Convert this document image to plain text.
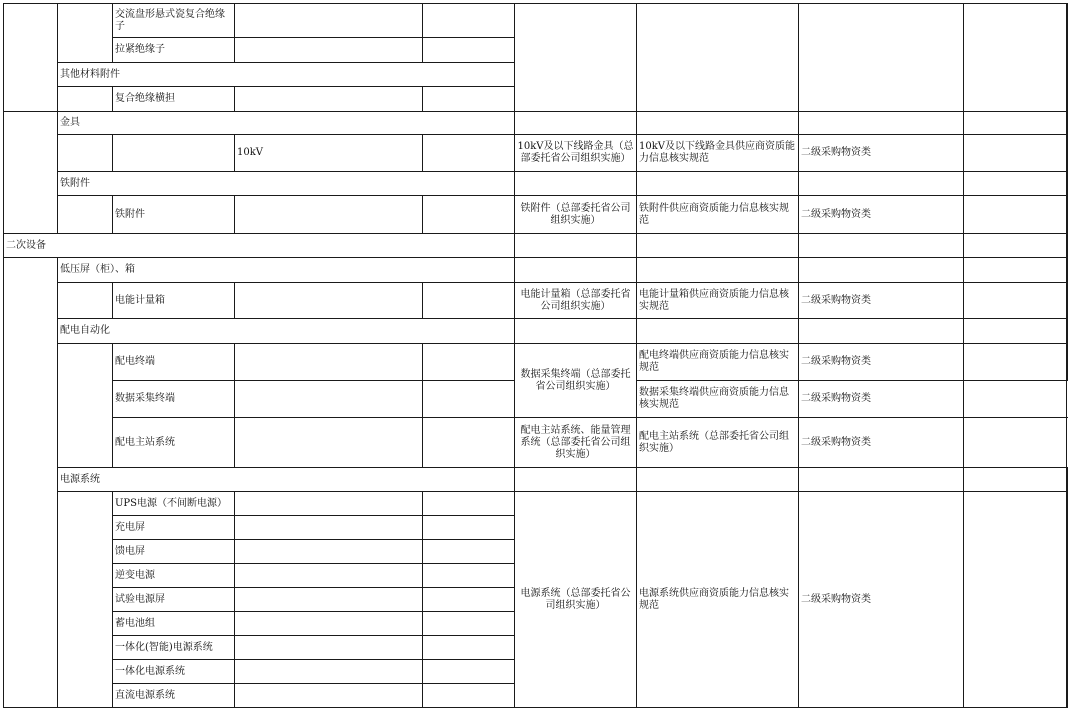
交流盘形悬式瓷复合绝缘子
拉紧绝缘子
其他材料附件
复合绝缘横担
金具
10kV
10kV及以下线路金具（总部委托省公司组织实施）
10kV及以下线路金具供应商资质能力信息核实规范
二级采购物资类
铁附件
铁附件
铁附件（总部委托省公司组织实施）
铁附件供应商资质能力信息核实规范
二级采购物资类
二次设备
低压屏（柜）、箱
电能计量箱
电能计量箱（总部委托省公司组织实施）
电能计量箱供应商资质能力信息核实规范
二级采购物资类
配电自动化
配电终端
数据采集终端（总部委托省公司组织实施）
配电终端供应商资质能力信息核实规范
二级采购物资类
数据采集终端
数据采集终端供应商资质能力信息核实规范
二级采购物资类
配电主站系统
配电主站系统、能量管理系统（总部委托省公司组织实施）
配电主站系统（总部委托省公司组织实施）
二级采购物资类
电源系统
电源系统（总部委托省公司组织实施）
电源系统供应商资质能力信息核实规范
二级采购物资类
UPS电源（不间断电源）
充电屏
馈电屏
逆变电源
试验电源屏
蓄电池组
一体化(智能)电源系统
一体化电源系统
直流电源系统
